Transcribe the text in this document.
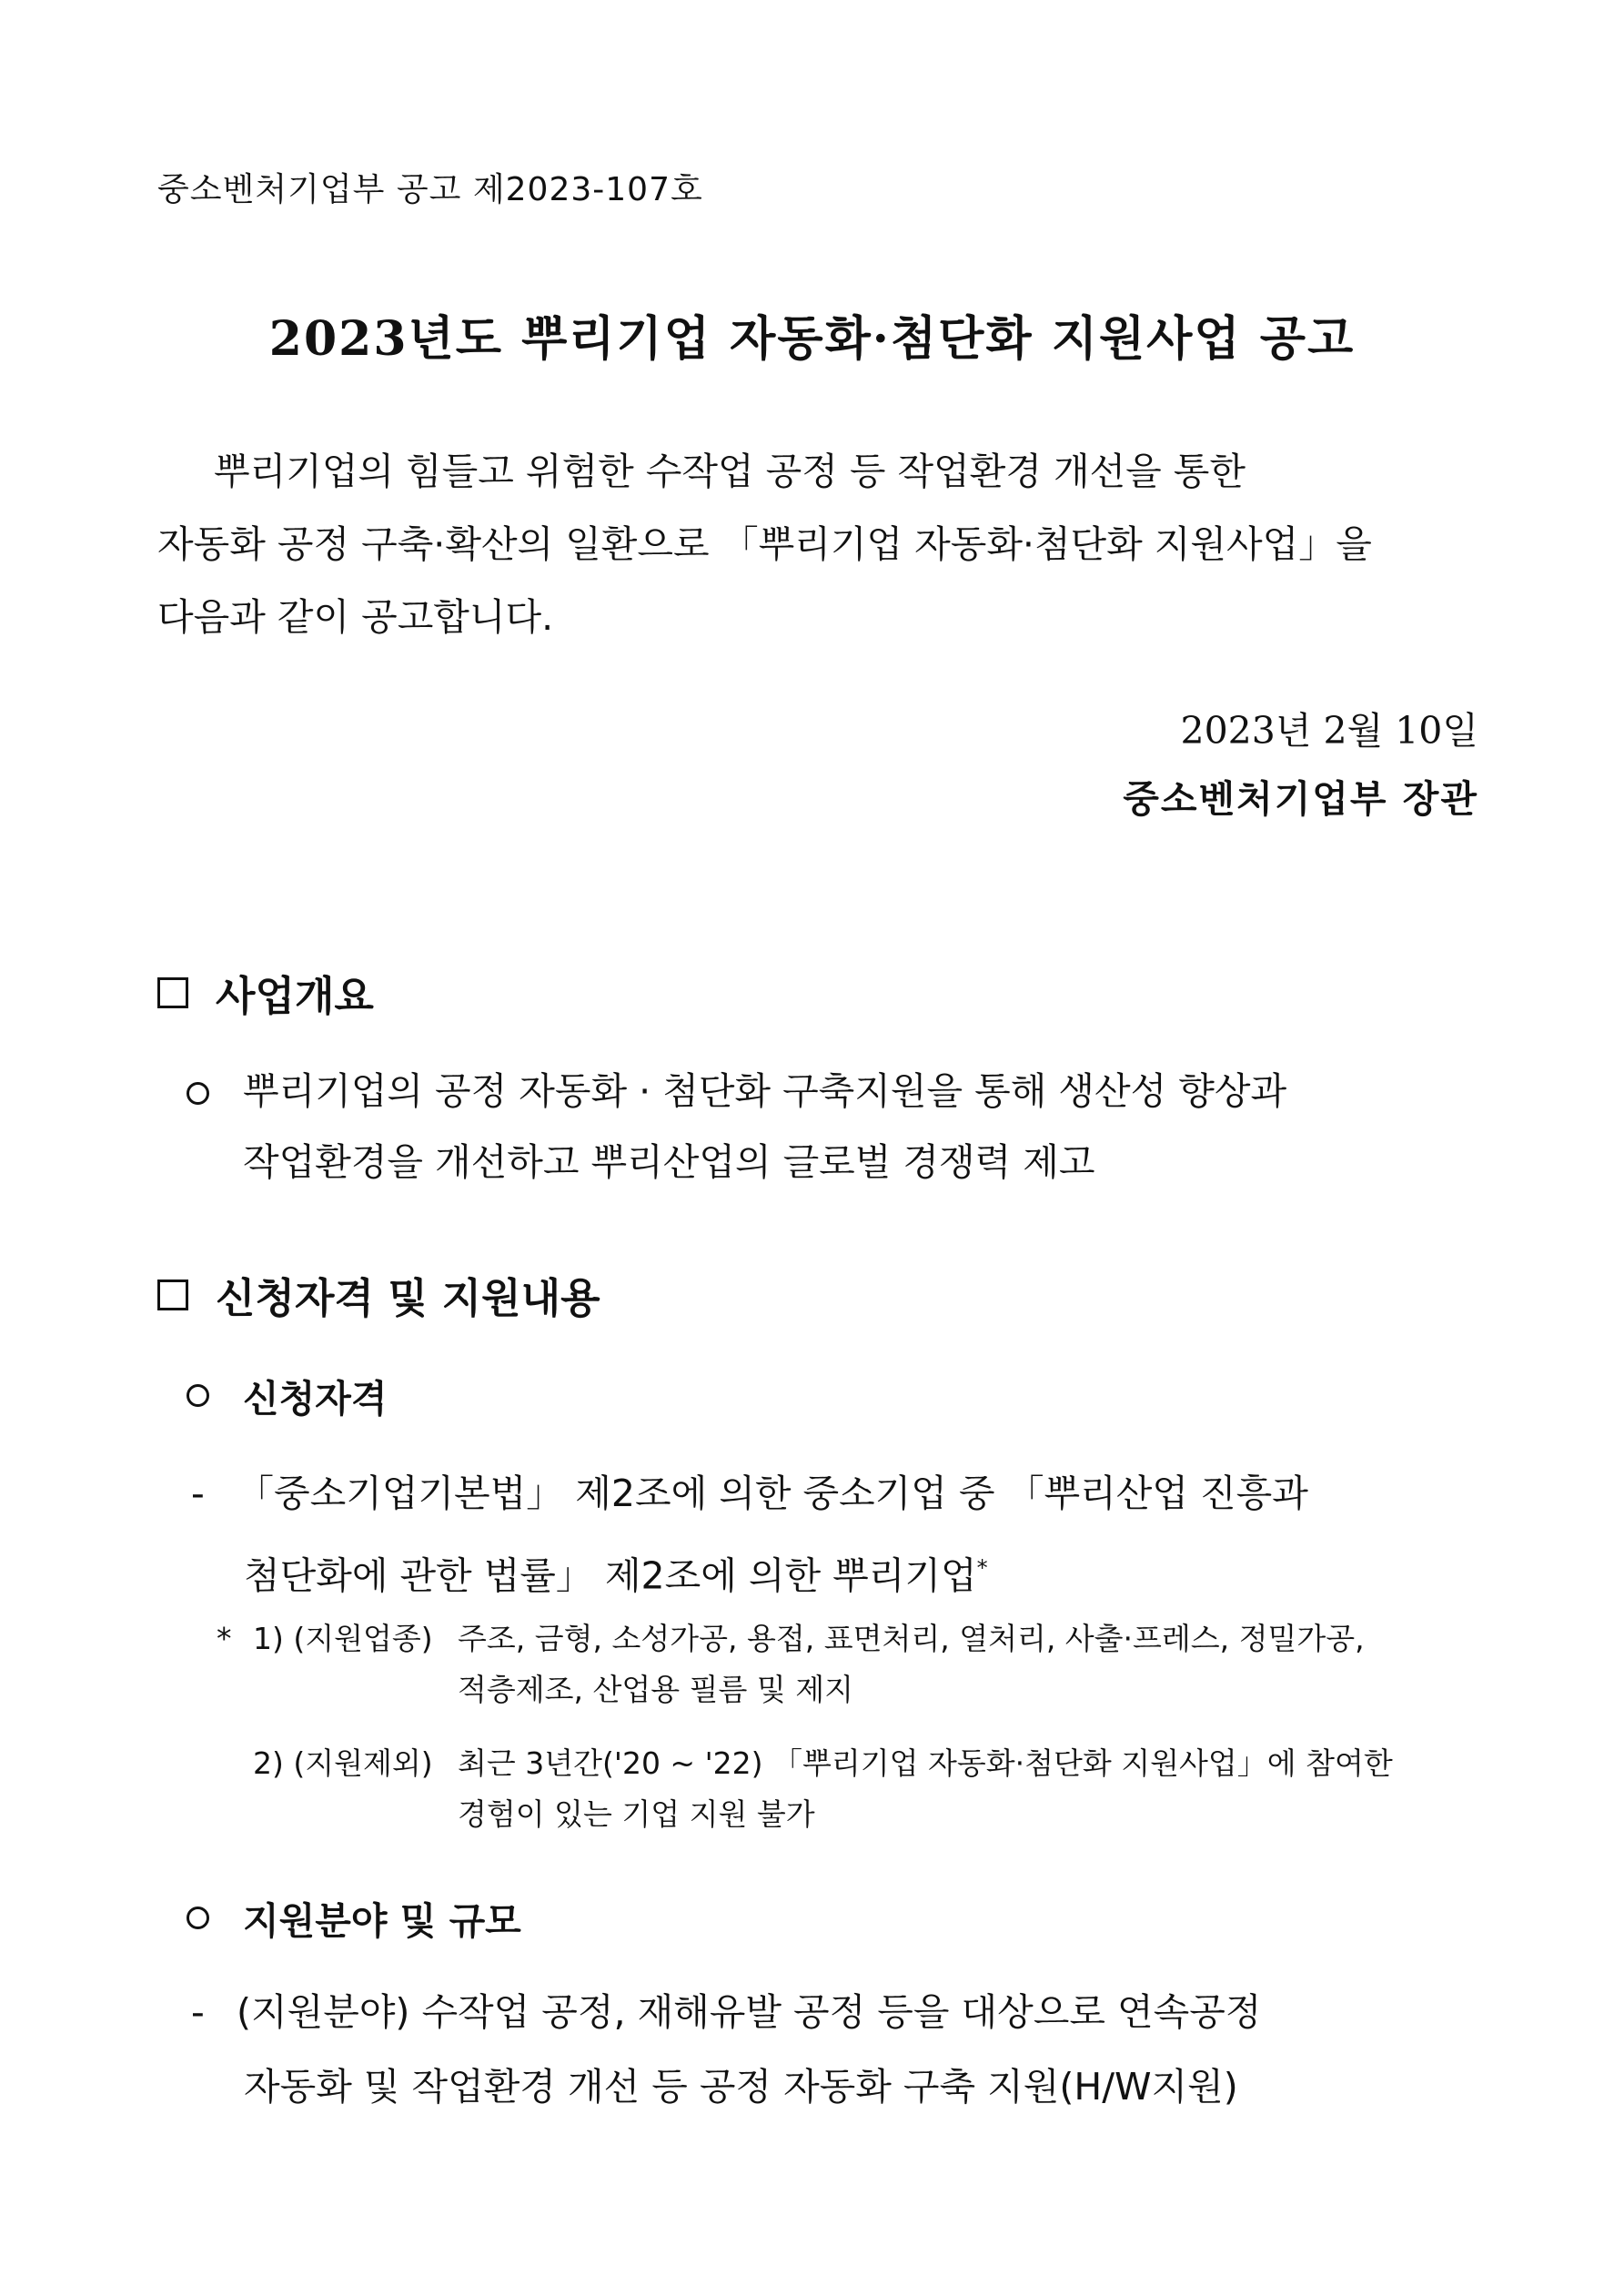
중소벤처기업부 공고 제2023-107호
2023년도 뿌리기업 자동화·첨단화 지원사업 공고

뿌리기업의 힘들고 위험한 수작업 공정 등 작업환경 개선을 통한

자동화 공정 구축·확산의 일환으로 「뿌리기업 자동화·첨단화 지원사업」을

다음과 같이 공고합니다.

2023년 2월 10일
중소벤처기업부 장관
사업개요

뿌리기업의 공정 자동화 · 첨단화 구축지원을 통해 생산성 향상과

작업환경을 개선하고 뿌리산업의 글로벌 경쟁력 제고

신청자격 및 지원내용
신청자격
- 「중소기업기본법」 제2조에 의한 중소기업 중 「뿌리산업 진흥과

첨단화에 관한 법률」 제2조에 의한 뿌리기업*

* 1) (지원업종) 주조, 금형, 소성가공, 용접, 표면처리, 열처리, 사출·프레스, 정밀가공,
적층제조, 산업용 필름 및 제지
2) (지원제외) 최근 3년간('20 ~ '22) 「뿌리기업 자동화·첨단화 지원사업」에 참여한
경험이 있는 기업 지원 불가
지원분야 및 규모
- (지원분야) 수작업 공정, 재해유발 공정 등을 대상으로 연속공정

자동화 및 작업환경 개선 등 공정 자동화 구축 지원(H/W지원)
